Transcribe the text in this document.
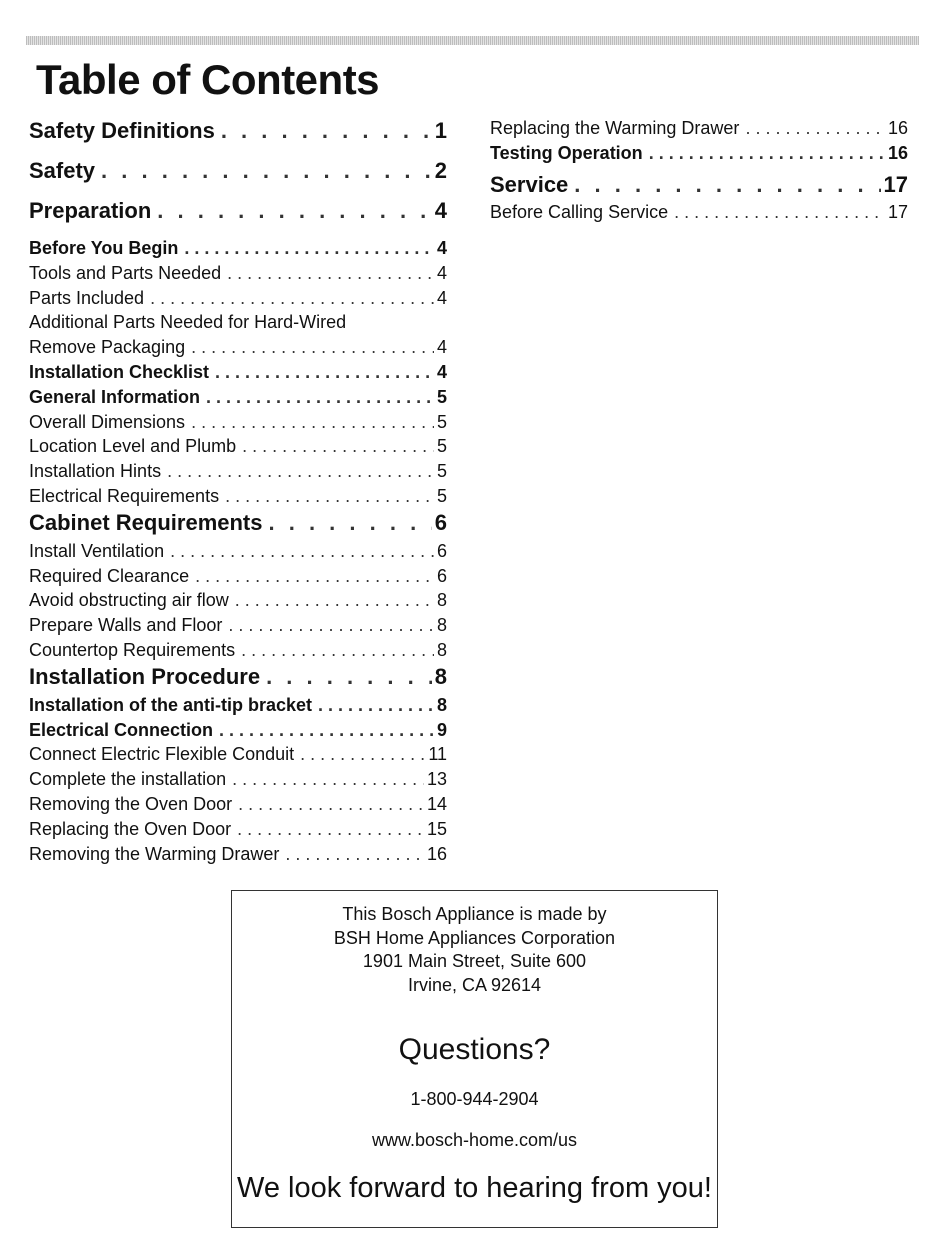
Table of Contents
Safety Definitions . . .	1
Safety . . .	2
Preparation . . .	4
Before You Begin . . .	4
Tools and Parts Needed . . .	4
Parts Included . . .	4
Additional Parts Needed for Hard-Wired
Remove Packaging . . .	4
Installation Checklist . . .	4
General Information . . .	5
Overall Dimensions . . .	5
Location Level and Plumb . . .	5
Installation Hints . . .	5
Electrical Requirements . . .	5
Cabinet Requirements . . .	6
Install Ventilation . . .	6
Required Clearance . . .	6
Avoid obstructing air flow . . .	8
Prepare Walls and Floor . . .	8
Countertop Requirements . . .	8
Installation Procedure . . .	8
Installation of the anti-tip bracket . . .	8
Electrical Connection . . .	9
Connect Electric Flexible Conduit . . .	11
Complete the installation . . .	13
Removing the Oven Door . . .	14
Replacing the Oven Door . . .	15
Removing the Warming Drawer . . .	16
Replacing the Warming Drawer . . .	16
Testing Operation . . .	16
Service . . .	17
Before Calling Service . . .	17
This Bosch Appliance is made by
BSH Home Appliances Corporation
1901 Main Street, Suite 600
Irvine, CA 92614
Questions?
1-800-944-2904
www.bosch-home.com/us
We look forward to hearing from you!
